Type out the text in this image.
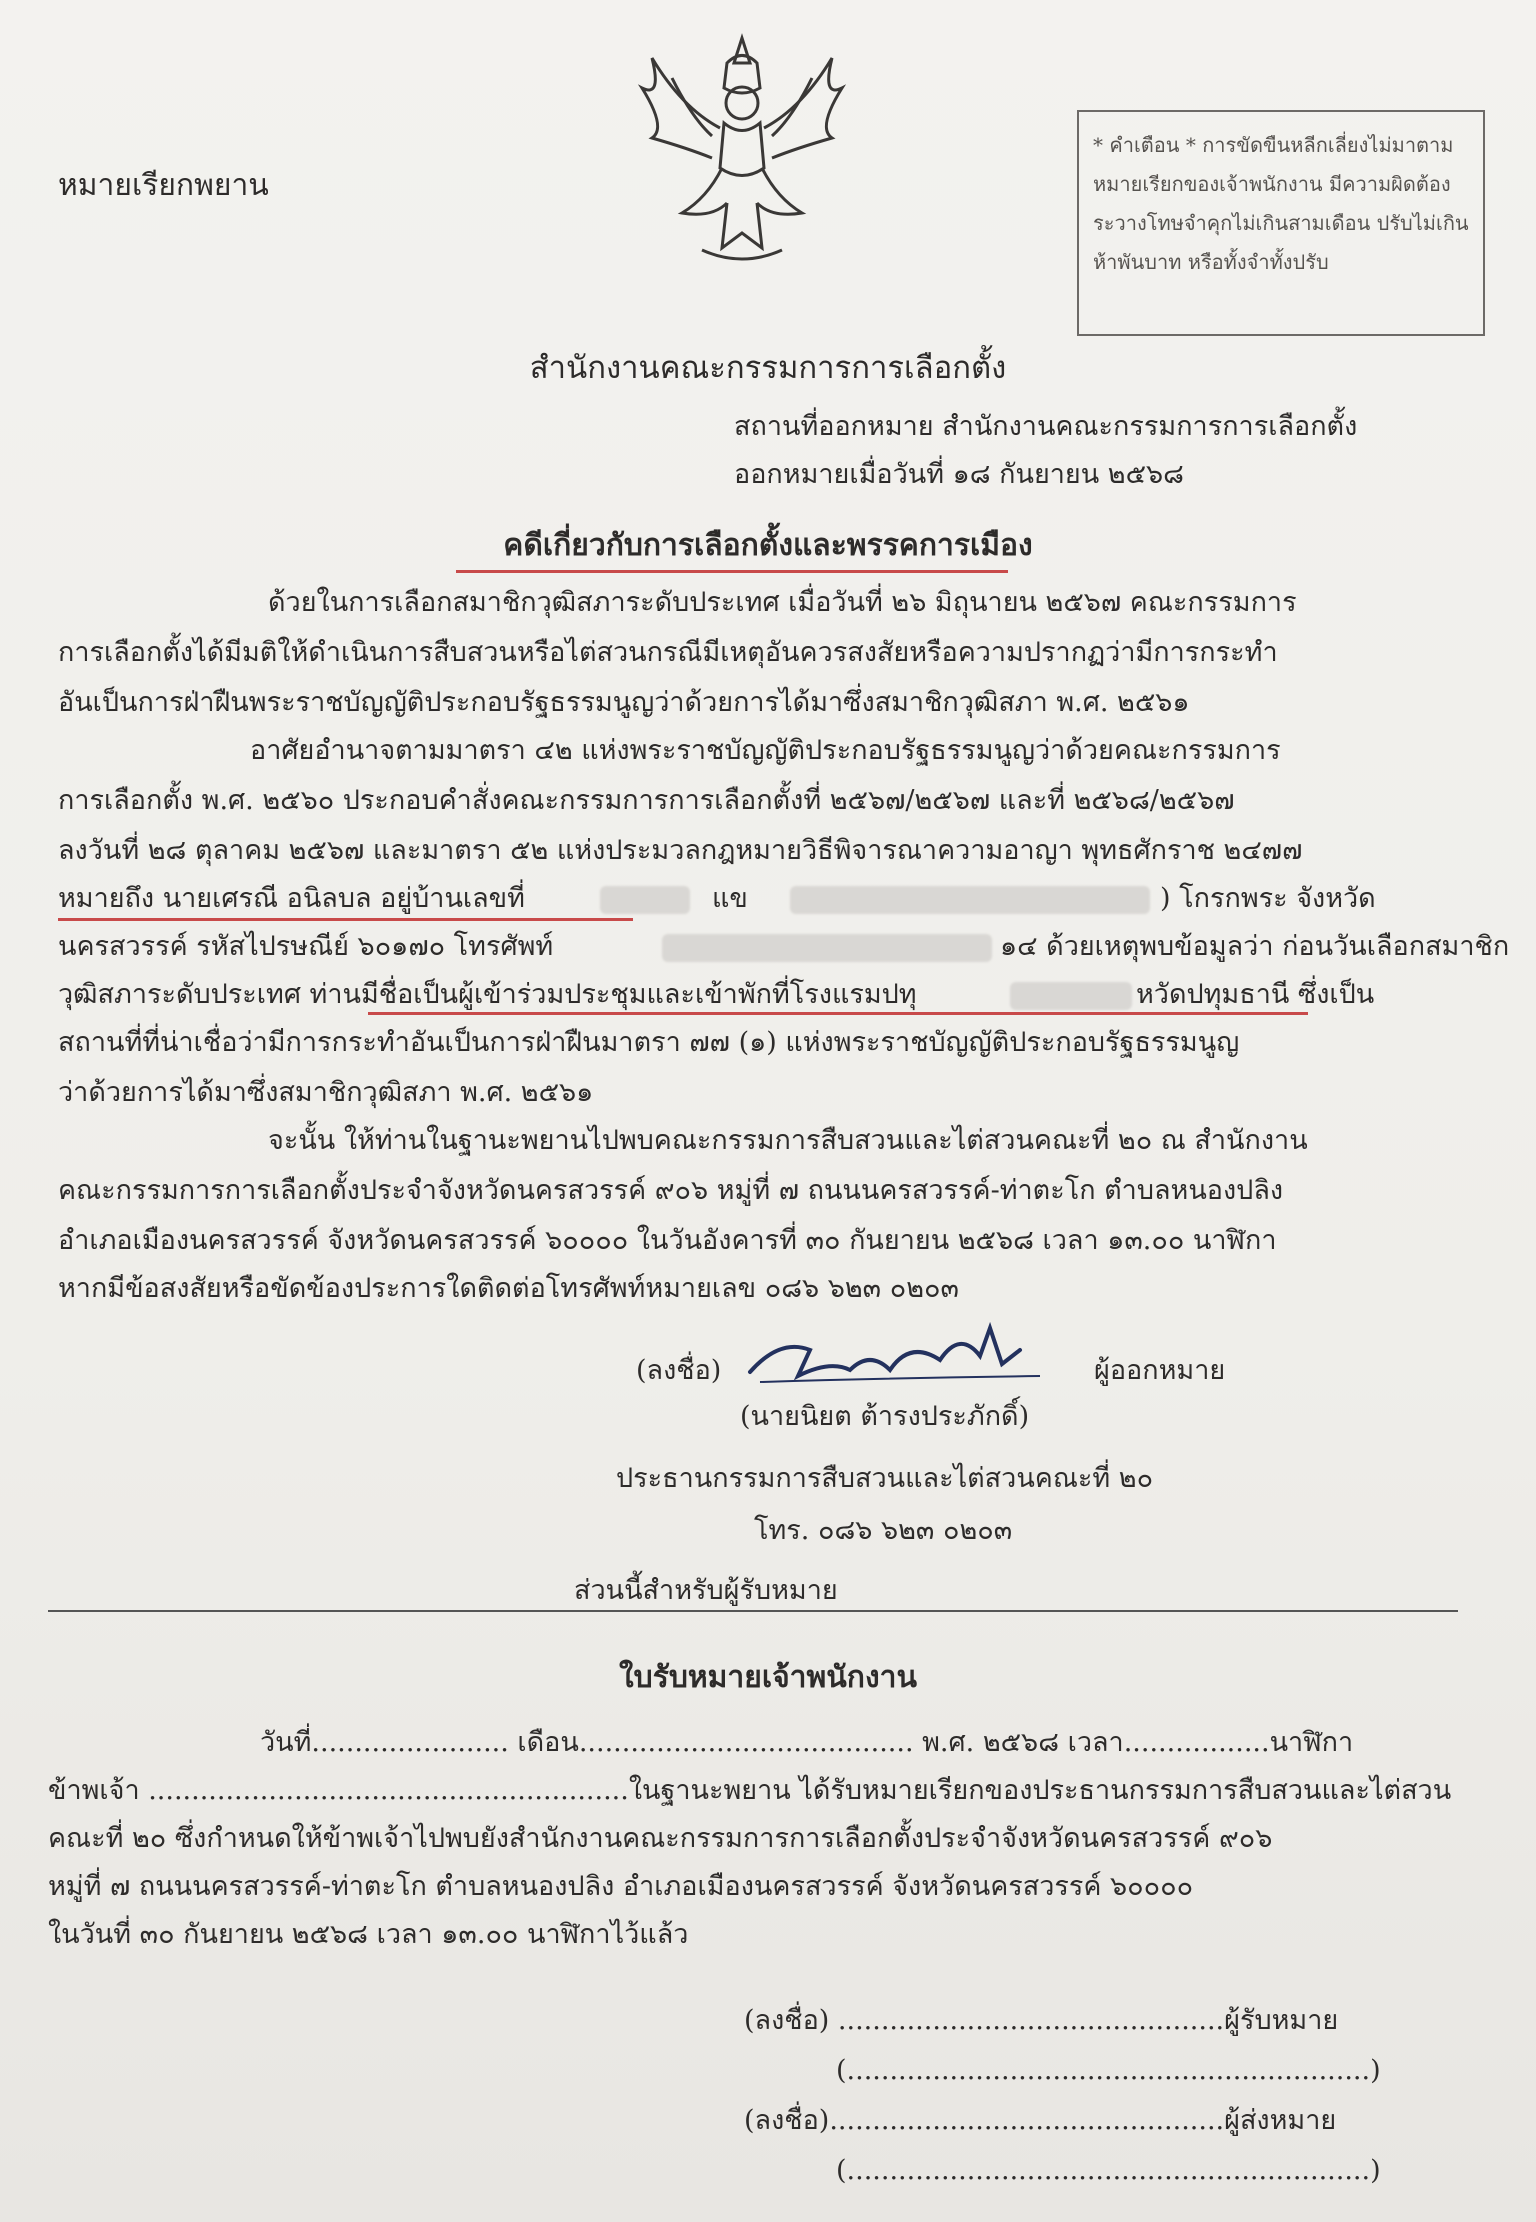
หมายเรียกพยาน
* คำเตือน * การขัดขืนหลีกเลี่ยงไม่มาตามหมายเรียกของเจ้าพนักงาน มีความผิดต้องระวางโทษจำคุกไม่เกินสามเดือน ปรับไม่เกินห้าพันบาท หรือทั้งจำทั้งปรับ
สำนักงานคณะกรรมการการเลือกตั้ง
สถานที่ออกหมาย สำนักงานคณะกรรมการการเลือกตั้ง
ออกหมายเมื่อวันที่ ๑๘ กันยายน ๒๕๖๘
คดีเกี่ยวกับการเลือกตั้งและพรรคการเมือง
ด้วยในการเลือกสมาชิกวุฒิสภาระดับประเทศ เมื่อวันที่ ๒๖ มิถุนายน ๒๕๖๗ คณะกรรมการ
การเลือกตั้งได้มีมติให้ดำเนินการสืบสวนหรือไต่สวนกรณีมีเหตุอันควรสงสัยหรือความปรากฏว่ามีการกระทำ
อันเป็นการฝ่าฝืนพระราชบัญญัติประกอบรัฐธรรมนูญว่าด้วยการได้มาซึ่งสมาชิกวุฒิสภา พ.ศ. ๒๕๖๑
อาศัยอำนาจตามมาตรา ๔๒ แห่งพระราชบัญญัติประกอบรัฐธรรมนูญว่าด้วยคณะกรรมการ
การเลือกตั้ง พ.ศ. ๒๕๖๐ ประกอบคำสั่งคณะกรรมการการเลือกตั้งที่ ๒๕๖๗/๒๕๖๗ และที่ ๒๕๖๘/๒๕๖๗
ลงวันที่ ๒๘ ตุลาคม ๒๕๖๗ และมาตรา ๕๒ แห่งประมวลกฎหมายวิธีพิจารณาความอาญา พุทธศักราช ๒๔๗๗
หมายถึง นายเศรณี อนิลบล อยู่บ้านเลขที่	แข	) โกรกพระ จังหวัด
นครสวรรค์ รหัสไปรษณีย์ ๖๐๑๗๐ โทรศัพท์	๑๔ ด้วยเหตุพบข้อมูลว่า ก่อนวันเลือกสมาชิก
วุฒิสภาระดับประเทศ ท่านมีชื่อเป็นผู้เข้าร่วมประชุมและเข้าพักที่โรงแรมปทุ	หวัดปทุมธานี ซึ่งเป็น
สถานที่ที่น่าเชื่อว่ามีการกระทำอันเป็นการฝ่าฝืนมาตรา ๗๗ (๑) แห่งพระราชบัญญัติประกอบรัฐธรรมนูญ
ว่าด้วยการได้มาซึ่งสมาชิกวุฒิสภา พ.ศ. ๒๕๖๑
จะนั้น ให้ท่านในฐานะพยานไปพบคณะกรรมการสืบสวนและไต่สวนคณะที่ ๒๐ ณ สำนักงาน
คณะกรรมการการเลือกตั้งประจำจังหวัดนครสวรรค์ ๙๐๖ หมู่ที่ ๗ ถนนนครสวรรค์-ท่าตะโก ตำบลหนองปลิง
อำเภอเมืองนครสวรรค์ จังหวัดนครสวรรค์ ๖๐๐๐๐ ในวันอังคารที่ ๓๐ กันยายน ๒๕๖๘ เวลา ๑๓.๐๐ นาฬิกา
หากมีข้อสงสัยหรือขัดข้องประการใดติดต่อโทรศัพท์หมายเลข ๐๘๖ ๖๒๓ ๐๒๐๓
(ลงชื่อ)	ผู้ออกหมาย
(นายนิยต ต้ารงประภักดิ์)
ประธานกรรมการสืบสวนและไต่สวนคณะที่ ๒๐
โทร. ๐๘๖ ๖๒๓ ๐๒๐๓
ส่วนนี้สำหรับผู้รับหมาย
ใบรับหมายเจ้าพนักงาน
วันที่....................... เดือน....................................... พ.ศ. ๒๕๖๘ เวลา.................นาฬิกา
ข้าพเจ้า ........................................................ในฐานะพยาน ได้รับหมายเรียกของประธานกรรมการสืบสวนและไต่สวน
คณะที่ ๒๐ ซึ่งกำหนดให้ข้าพเจ้าไปพบยังสำนักงานคณะกรรมการการเลือกตั้งประจำจังหวัดนครสวรรค์ ๙๐๖
หมู่ที่ ๗ ถนนนครสวรรค์-ท่าตะโก ตำบลหนองปลิง อำเภอเมืองนครสวรรค์ จังหวัดนครสวรรค์ ๖๐๐๐๐
ในวันที่ ๓๐ กันยายน ๒๕๖๘ เวลา ๑๓.๐๐ นาฬิกาไว้แล้ว
(ลงชื่อ) .............................................ผู้รับหมาย
(.............................................................)
(ลงชื่อ)..............................................ผู้ส่งหมาย
(.............................................................)
